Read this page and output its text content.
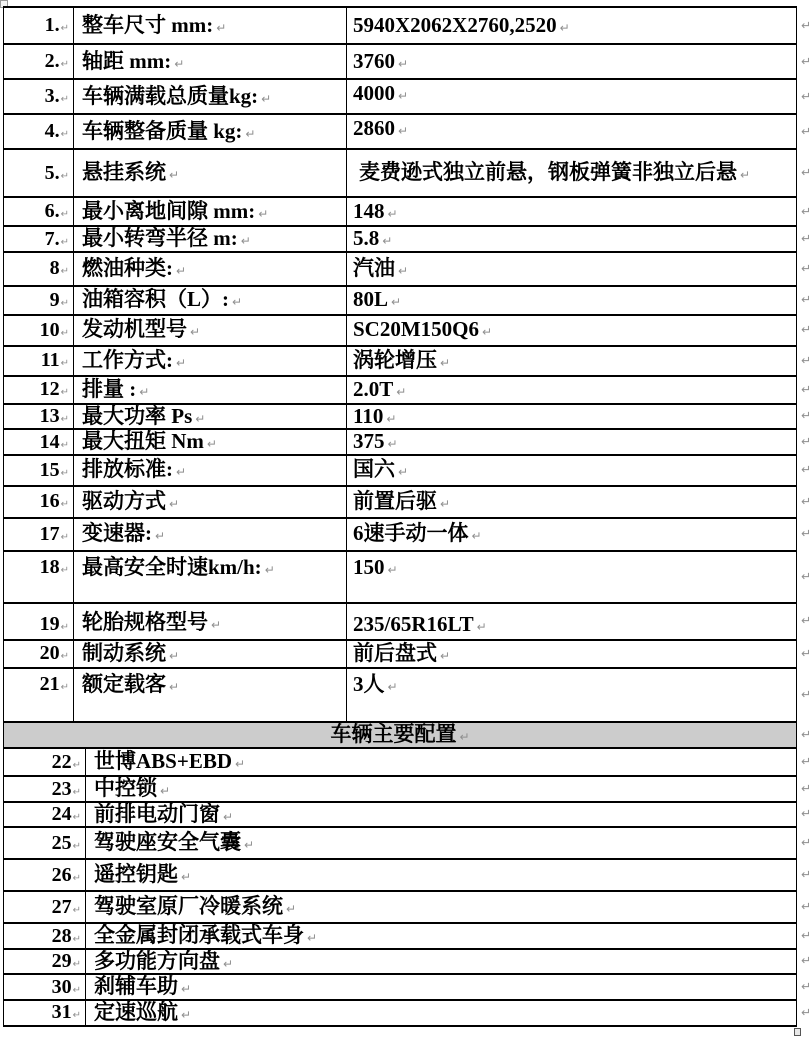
1.↵	整车尺寸 mm: ↵	5940X2062X2760,2520 ↵ ↵

2.↵	轴距 mm: ↵	3760 ↵ ↵

3.↵	车辆满载总质量kg: ↵	4000 ↵ ↵

4.↵	车辆整备质量 kg: ↵	2860 ↵ ↵

5.↵	悬挂系统 ↵	麦费逊式独立前悬，钢板弹簧非独立后悬 ↵ ↵

6.↵	最小离地间隙 mm: ↵	148 ↵ ↵

7.↵	最小转弯半径 m: ↵	5.8 ↵ ↵

8↵	燃油种类: ↵	汽油 ↵ ↵

9↵	油箱容积（L）: ↵	80L ↵ ↵

10↵	发动机型号 ↵	SC20M150Q6 ↵ ↵

11↵	工作方式: ↵	涡轮增压 ↵ ↵

12↵	排量 : ↵	2.0T ↵ ↵

13↵	最大功率 Ps ↵	110 ↵ ↵

14↵	最大扭矩 Nm ↵	375 ↵ ↵

15↵	排放标准: ↵	国六 ↵ ↵

16↵	驱动方式 ↵	前置后驱 ↵ ↵

17↵	变速器: ↵	6速手动一体 ↵ ↵

18↵	最高安全时速km/h: ↵	150 ↵ ↵

19↵	轮胎规格型号 ↵	235/65R16LT ↵ ↵

20↵	制动系统 ↵	前后盘式 ↵ ↵

21↵	额定载客 ↵	3人 ↵
↵

车辆主要配置 ↵ ↵		
22↵	世博ABS+EBD ↵ ↵

23↵	中控锁 ↵ ↵

24↵	前排电动门窗 ↵ ↵

25↵	驾驶座安全气囊 ↵ ↵

26↵	遥控钥匙 ↵ ↵

27↵	驾驶室原厂冷暖系统 ↵ ↵

28↵	全金属封闭承载式车身 ↵ ↵

29↵	多功能方向盘 ↵ ↵

30↵	刹辅车助 ↵ ↵

31↵	定速巡航 ↵ ↵
